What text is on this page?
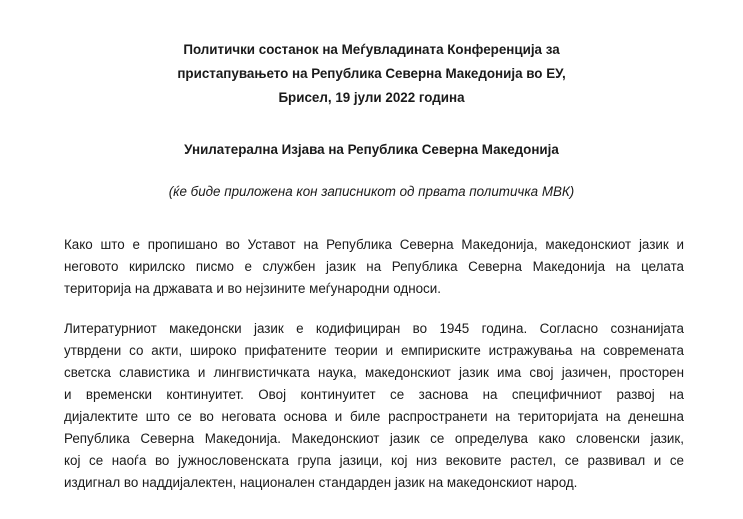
Политички состанок на Меѓувладината Конференција за
пристапувањето на Република Северна Македонија во ЕУ,
Брисел, 19 јули 2022 година
Унилатерална Изјава на Република Северна Македонија
(ќе биде приложена кон записникот од првата политичка МВК)
Како што е пропишано во Уставот на Република Северна Македонија, македонскиот јазик и
неговото кирилско писмо е службен јазик на Република Северна Македонија на целата
територија на државата и во нејзините меѓународни односи.
Литературниот македонски јазик е кодифициран во 1945 година. Согласно сознанијата
утврдени со акти, широко прифатените теории и емпириските истражувања на современата
светска славистика и лингвистичката наука, македонскиот јазик има свој јазичен, просторен
и временски континуитет. Овој континуитет се заснова на специфичниот развој на
дијалектите што се во неговата основа и биле распространети на територијата на денешна
Република Северна Македонија. Македонскиот јазик се определува како словенски јазик,
кој се наоѓа во јужнословенската група јазици, кој низ вековите растел, се развивал и се
издигнал во наддијалектен, национален стандарден јазик на македонскиот народ.
